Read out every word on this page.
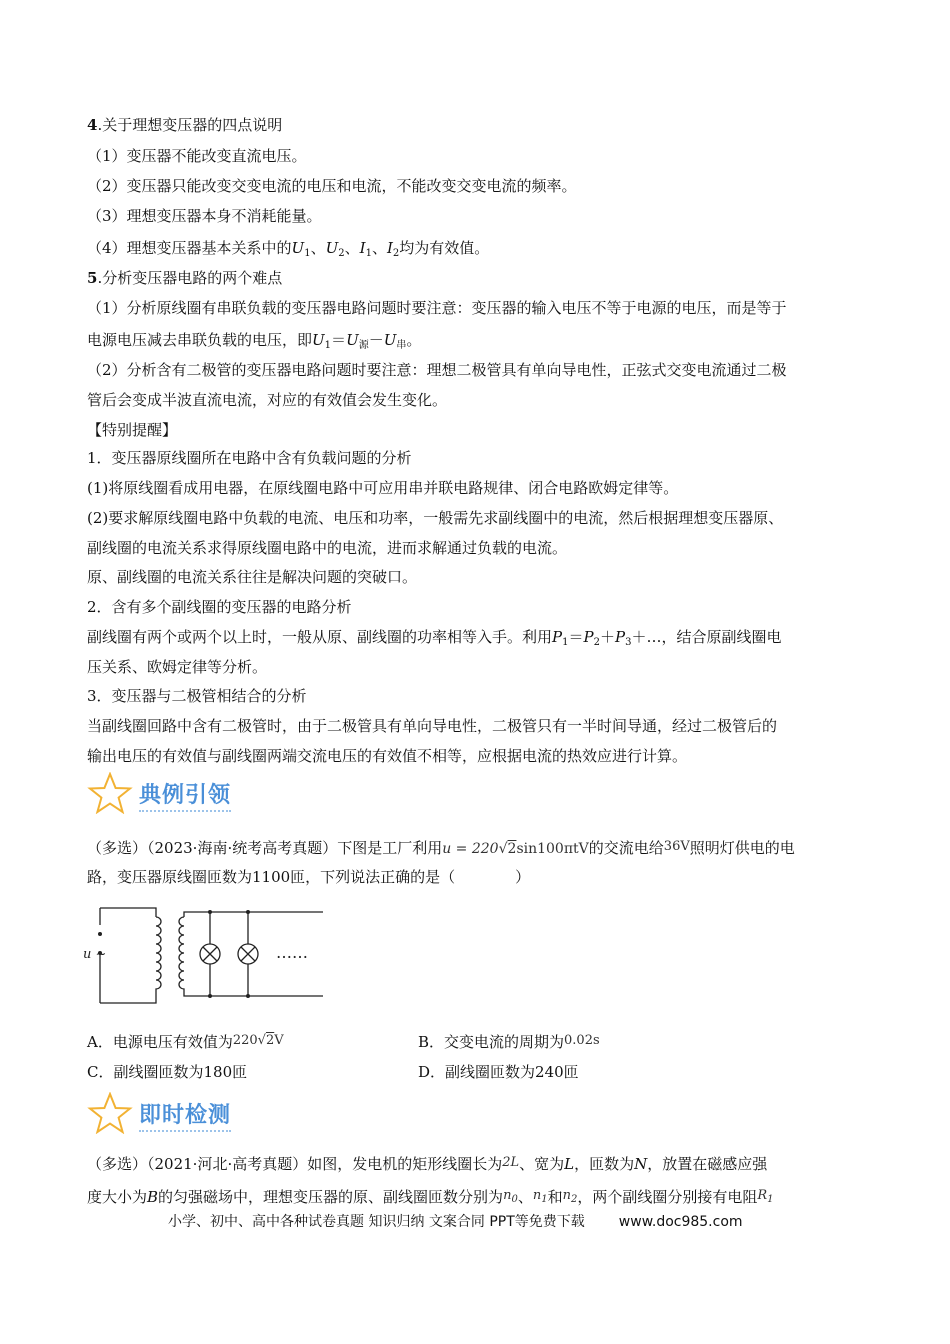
4.关于理想变压器的四点说明
（1）变压器不能改变直流电压。
（2）变压器只能改变交变电流的电压和电流，不能改变交变电流的频率。
（3）理想变压器本身不消耗能量。
（4）理想变压器基本关系中的$U_1$、$U_2$、$I_1$、$I_2$均为有效值。
5.分析变压器电路的两个难点
（1）分析原线圈有串联负载的变压器电路问题时要注意：变压器的输入电压不等于电源的电压，而是等于
电源电压减去串联负载的电压，即$U_1=U_源-U_串$。
（2）分析含有二极管的变压器电路问题时要注意：理想二极管具有单向导电性，正弦式交变电流通过二极
管后会变成半波直流电流，对应的有效值会发生变化。
【特别提醒】
1．变压器原线圈所在电路中含有负载问题的分析
(1)将原线圈看成用电器，在原线圈电路中可应用串并联电路规律、闭合电路欧姆定律等。
(2)要求解原线圈电路中负载的电流、电压和功率，一般需先求副线圈中的电流，然后根据理想变压器原、
副线圈的电流关系求得原线圈电路中的电流，进而求解通过负载的电流。
原、副线圈的电流关系往往是解决问题的突破口。
2．含有多个副线圈的变压器的电路分析
副线圈有两个或两个以上时，一般从原、副线圈的功率相等入手。利用$P_1=P_2+P_3+\dots$，结合原副线圈电
压关系、欧姆定律等分析。
3．变压器与二极管相结合的分析
当副线圈回路中含有二极管时，由于二极管具有单向导电性，二极管只有一半时间导通，经过二极管后的
输出电压的有效值与副线圈两端交流电压的有效值不相等，应根据电流的热效应进行计算。
典例引领
（多选）（2023·海南·统考高考真题）下图是工厂利用u = 220√2sin100πtV的交流电给36V照明灯供电的电
路，变压器原线圈匝数为1100匝，下列说法正确的是（　　　　）
u ~	……
A．电源电压有效值为220√2V	B．交变电流的周期为0.02s
C．副线圈匝数为180匝	D．副线圈匝数为240匝
即时检测
（多选）（2021·河北·高考真题）如图，发电机的矩形线圈长为2L、宽为L，匝数为N，放置在磁感应强
度大小为B的匀强磁场中，理想变压器的原、副线圈匝数分别为$n_0$、$n_1$和$n_2$，两个副线圈分别接有电阻$R_1$
小学、初中、高中各种试卷真题 知识归纳 文案合同 PPT等免费下载 www.doc985.com
